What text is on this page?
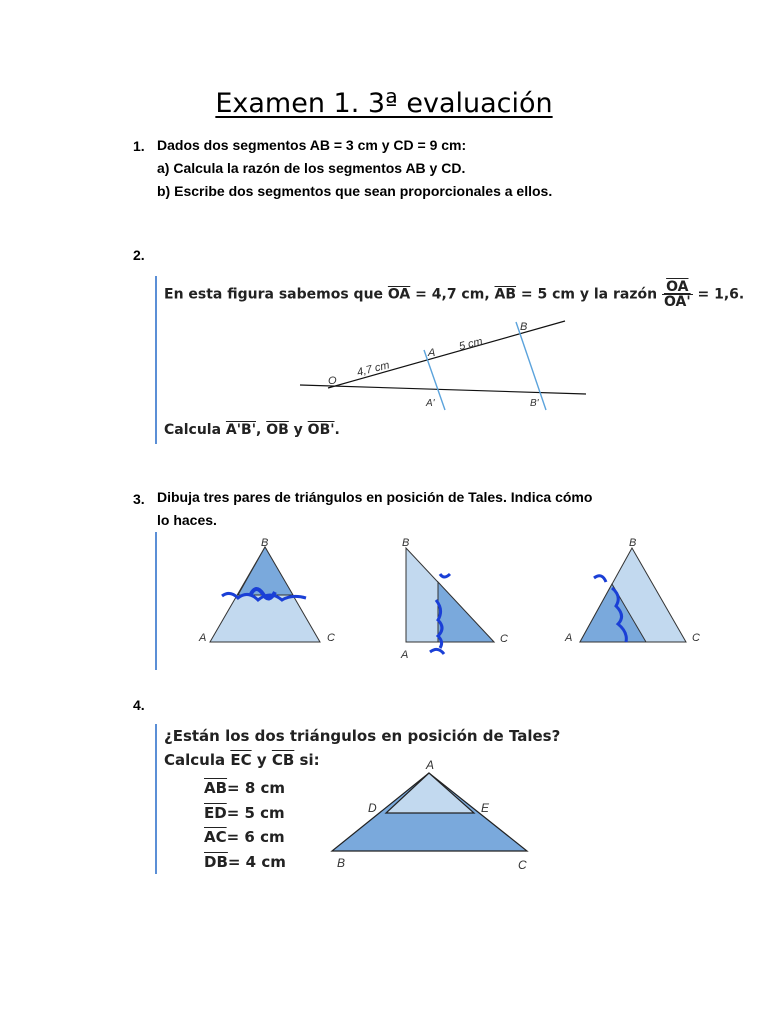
Examen 1. 3ª evaluación
1. Dados dos segmentos AB = 3 cm y CD = 9 cm:
a) Calcula la razón de los segmentos AB y CD.
b) Escribe dos segmentos que sean proporcionales a ellos.
2.
En esta figura sabemos que $\overline{OA} = 4,7$ cm, $\overline{AB} = 5$ cm y la razón $\frac{\overline{OA}}{OA'} = 1,6$.
O
A
B
A'	B'
4,7 cm
5 cm
Calcula A'B', $\overline{OB}$ y OB'.
3. Dibuja tres pares de triángulos en posición de Tales. Indica cómo
lo haces.
B
A	C
B
A
C
B
A	C
4.
¿Están los dos triángulos en posición de Tales?
Calcula $\overline{EC}$ y $\overline{CB}$ si:
$\overline{AB}= 8$ cm
$\overline{ED}= 5$ cm
$\overline{AC}= 6$ cm
$\overline{DB}= 4$ cm
A
D	E
B	C
